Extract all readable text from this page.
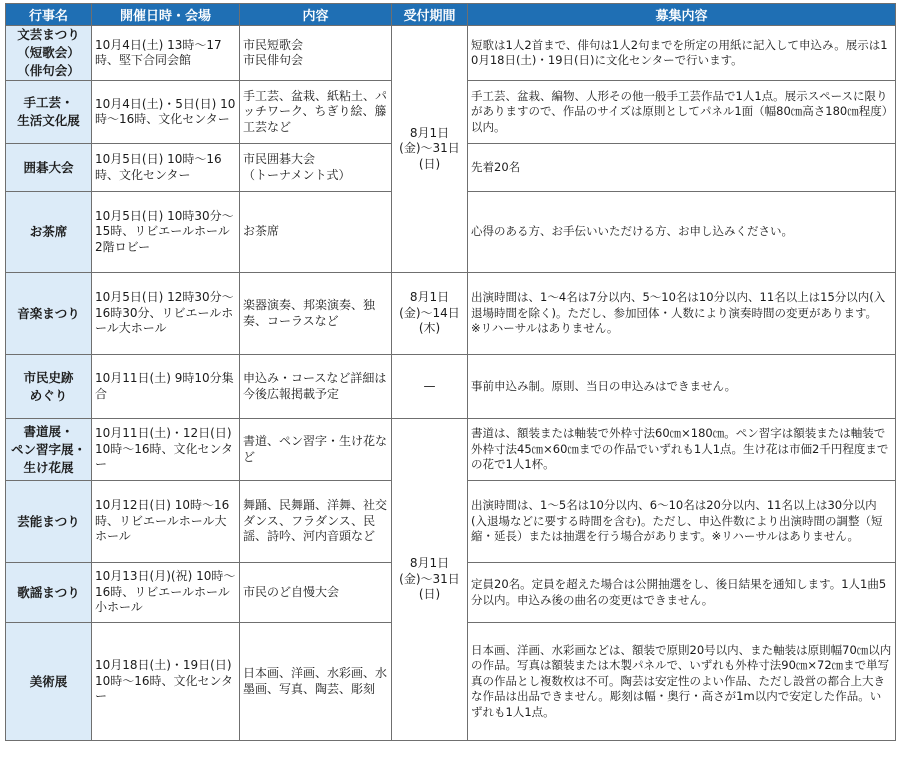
行事名	開催日時・会場	内容	受付期間	募集内容

文芸まつり
（短歌会）
（俳句会）	10月4日(土) 13時〜17時、堅下合同会館	市民短歌会
市民俳句会	8月1日(金)〜31日(日)	短歌は1人2首まで、俳句は1人2句までを所定の用紙に記入して申込み。展示は10月18日(土)・19日(日)に文化センターで行います。

手工芸・
生活文化展	10月4日(土)・5日(日) 10時〜16時、文化センター	手工芸、盆栽、紙粘土、パッチワーク、ちぎり絵、籐工芸など		手工芸、盆栽、編物、人形その他一般手工芸作品で1人1点。展示スペースに限りがありますので、作品のサイズは原則としてパネル1面（幅80㎝高さ180㎝程度）以内。

囲碁大会	10月5日(日) 10時〜16時、文化センター	市民囲碁大会
（トーナメント式）		先着20名

お茶席	10月5日(日) 10時30分〜15時、リビエールホール2階ロビー	お茶席		心得のある方、お手伝いいただける方、お申し込みください。

音楽まつり	10月5日(日) 12時30分〜16時30分、リビエールホール大ホール	楽器演奏、邦楽演奏、独奏、コーラスなど	8月1日(金)〜14日(木)	出演時間は、1〜4名は7分以内、5〜10名は10分以内、11名以上は15分以内(入退場時間を除く)。ただし、参加団体・人数により演奏時間の変更があります。
※リハーサルはありません。

市民史跡
めぐり	10月11日(土) 9時10分集合	申込み・コースなど詳細は今後広報掲載予定	—	事前申込み制。原則、当日の申込みはできません。

書道展・
ペン習字展・
生け花展	10月11日(土)・12日(日) 10時〜16時、文化センター	書道、ペン習字・生け花など	8月1日(金)〜31日(日)	書道は、額装または軸装で外枠寸法60㎝×180㎝。ペン習字は額装または軸装で外枠寸法45㎝×60㎝までの作品でいずれも1人1点。生け花は市価2千円程度までの花で1人1杯。

芸能まつり	10月12日(日) 10時〜16時、リビエールホール大ホール	舞踊、民舞踊、洋舞、社交ダンス、フラダンス、民謡、詩吟、河内音頭など		出演時間は、1〜5名は10分以内、6〜10名は20分以内、11名以上は30分以内(入退場などに要する時間を含む)。ただし、申込件数により出演時間の調整（短縮・延長）または抽選を行う場合があります。※リハーサルはありません。

歌謡まつり	10月13日(月)(祝) 10時〜16時、リビエールホール小ホール	市民のど自慢大会		定員20名。定員を超えた場合は公開抽選をし、後日結果を通知します。1人1曲5分以内。申込み後の曲名の変更はできません。

美術展	10月18日(土)・19日(日) 10時〜16時、文化センター	日本画、洋画、水彩画、水墨画、写真、陶芸、彫刻		日本画、洋画、水彩画などは、額装で原則20号以内、また軸装は原則幅70㎝以内の作品。写真は額装または木製パネルで、いずれも外枠寸法90㎝×72㎝まで単写真の作品とし複数枚は不可。陶芸は安定性のよい作品、ただし設営の都合上大きな作品は出品できません。彫刻は幅・奥行・高さが1m以内で安定した作品。いずれも1人1点。
